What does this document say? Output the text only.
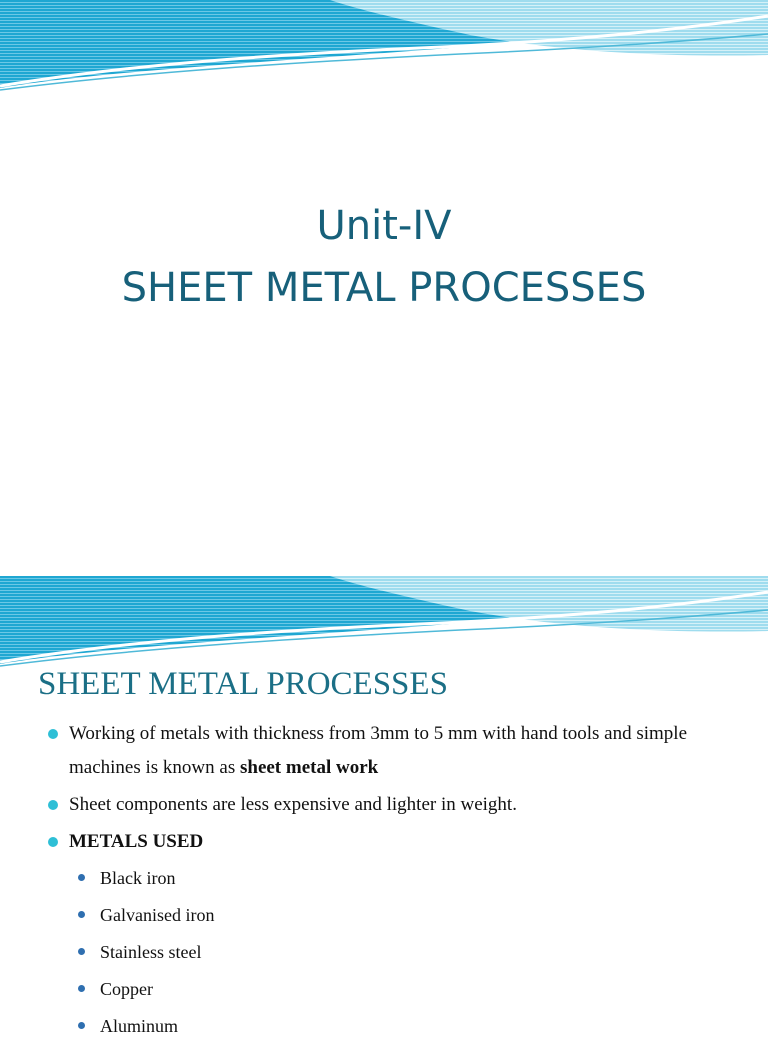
Unit-IV
SHEET METAL PROCESSES
SHEET METAL PROCESSES
Working of metals with thickness from 3mm to 5 mm with hand tools and simple machines is known as sheet metal work
Sheet components are less expensive and lighter in weight.
METALS USED
Black iron
Galvanised iron
Stainless steel
Copper
Aluminum
